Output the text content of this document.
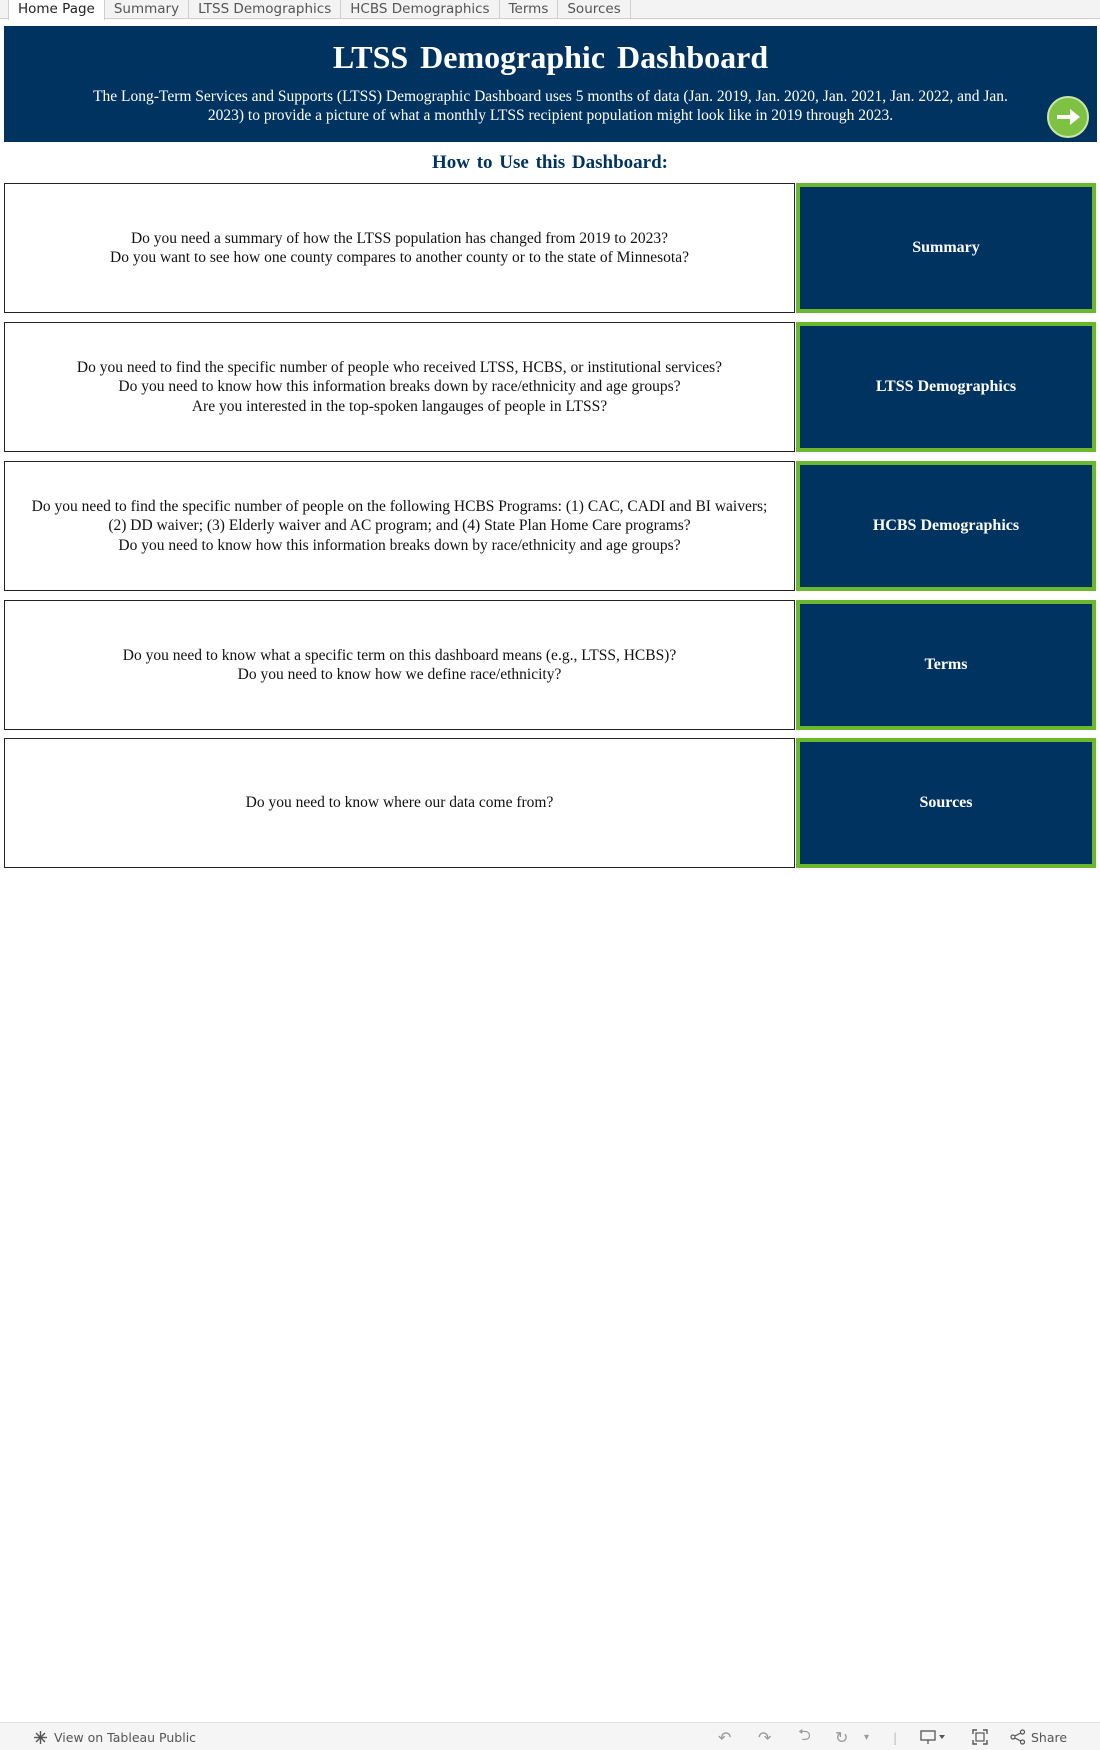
Home Page	Summary	LTSS Demographics	HCBS Demographics	Terms	Sources
LTSS Demographic Dashboard
The Long-Term Services and Supports (LTSS) Demographic Dashboard uses 5 months of data (Jan. 2019, Jan. 2020, Jan. 2021, Jan. 2022, and Jan. 2023) to provide a picture of what a monthly LTSS recipient population might look like in 2019 through 2023.
How to Use this Dashboard:

Do you need a summary of how the LTSS population has changed from 2019 to 2023?
Do you want to see how one county compares to another county or to the state of Minnesota?

Summary

Do you need to find the specific number of people who received LTSS, HCBS, or institutional services?
Do you need to know how this information breaks down by race/ethnicity and age groups?
Are you interested in the top-spoken langauges of people in LTSS?

LTSS Demographics

Do you need to find the specific number of people on the following HCBS Programs: (1) CAC, CADI and BI waivers; (2) DD waiver; (3) Elderly waiver and AC program; and (4) State Plan Home Care programs?
Do you need to know how this information breaks down by race/ethnicity and age groups?

HCBS Demographics

Do you need to know what a specific term on this dashboard means (e.g., LTSS, HCBS)?
Do you need to know how we define race/ethnicity?

Terms

Do you need to know where our data come from?	Sources
View on Tableau Public	↶ ↷ ⮌ ↻ ▾ |	Share
